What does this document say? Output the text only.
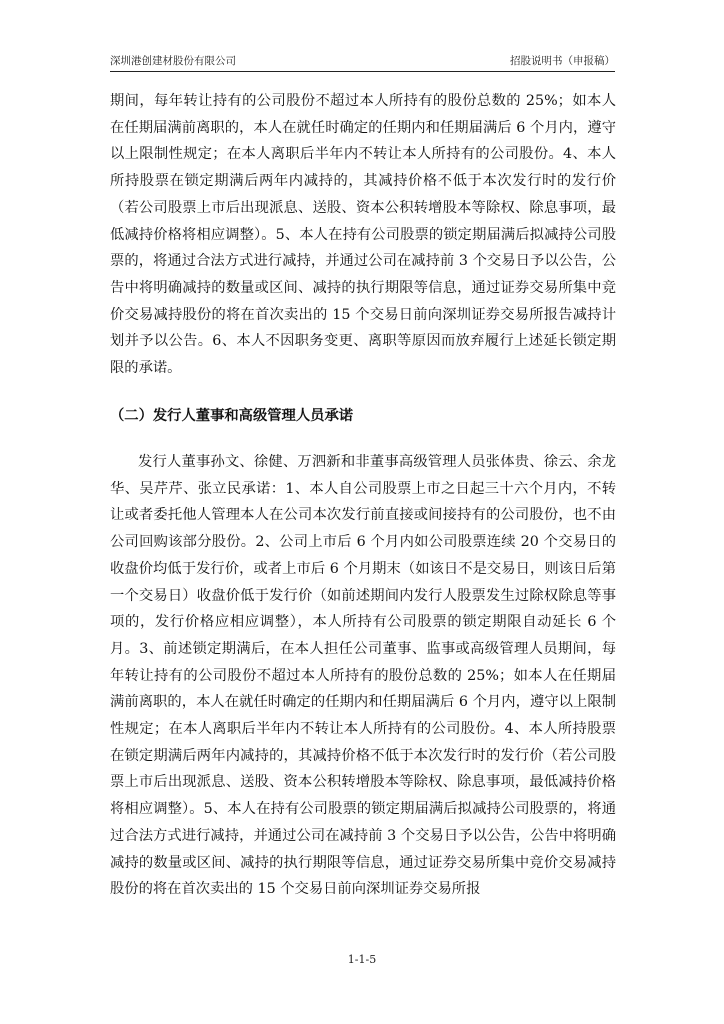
深圳港创建材股份有限公司	招股说明书（申报稿）

期间，每年转让持有的公司股份不超过本人所持有的股份总数的 25%；如本人在任期届满前离职的，本人在就任时确定的任期内和任期届满后 6 个月内，遵守以上限制性规定；在本人离职后半年内不转让本人所持有的公司股份。4、本人所持股票在锁定期满后两年内减持的，其减持价格不低于本次发行时的发行价（若公司股票上市后出现派息、送股、资本公积转增股本等除权、除息事项，最低减持价格将相应调整）。5、本人在持有公司股票的锁定期届满后拟减持公司股票的，将通过合法方式进行减持，并通过公司在减持前 3 个交易日予以公告，公告中将明确减持的数量或区间、减持的执行期限等信息，通过证券交易所集中竞价交易减持股份的将在首次卖出的 15 个交易日前向深圳证券交易所报告减持计划并予以公告。6、本人不因职务变更、离职等原因而放弃履行上述延长锁定期限的承诺。

（二）发行人董事和高级管理人员承诺

发行人董事孙文、徐健、万泗新和非董事高级管理人员张体贵、徐云、余龙华、吴芹芹、张立民承诺：1、本人自公司股票上市之日起三十六个月内，不转让或者委托他人管理本人在公司本次发行前直接或间接持有的公司股份，也不由公司回购该部分股份。2、公司上市后 6 个月内如公司股票连续 20 个交易日的收盘价均低于发行价，或者上市后 6 个月期末（如该日不是交易日，则该日后第一个交易日）收盘价低于发行价（如前述期间内发行人股票发生过除权除息等事项的，发行价格应相应调整），本人所持有公司股票的锁定期限自动延长 6 个月。3、前述锁定期满后，在本人担任公司董事、监事或高级管理人员期间，每年转让持有的公司股份不超过本人所持有的股份总数的 25%；如本人在任期届满前离职的，本人在就任时确定的任期内和任期届满后 6 个月内，遵守以上限制性规定；在本人离职后半年内不转让本人所持有的公司股份。4、本人所持股票在锁定期满后两年内减持的，其减持价格不低于本次发行时的发行价（若公司股票上市后出现派息、送股、资本公积转增股本等除权、除息事项，最低减持价格将相应调整）。5、本人在持有公司股票的锁定期届满后拟减持公司股票的，将通过合法方式进行减持，并通过公司在减持前 3 个交易日予以公告，公告中将明确减持的数量或区间、减持的执行期限等信息，通过证券交易所集中竞价交易减持股份的将在首次卖出的 15 个交易日前向深圳证券交易所报

1-1-5
